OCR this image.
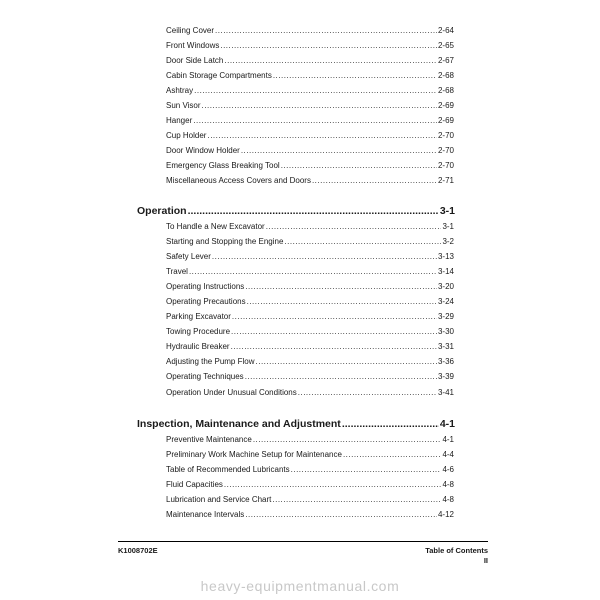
Ceiling Cover .....	2-64
Front Windows .....	2-65
Door Side Latch .....	2-67
Cabin Storage Compartments .....	2-68
Ashtray .....	2-68
Sun Visor .....	2-69
Hanger .....	2-69
Cup Holder .....	2-70
Door Window Holder .....	2-70
Emergency Glass Breaking Tool .....	2-70
Miscellaneous Access Covers and Doors .....	2-71
Operation .....	3-1
To Handle a New Excavator .....	3-1
Starting and Stopping the Engine .....	3-2
Safety Lever .....	3-13
Travel .....	3-14
Operating Instructions .....	3-20
Operating Precautions .....	3-24
Parking Excavator .....	3-29
Towing Procedure .....	3-30
Hydraulic Breaker .....	3-31
Adjusting the Pump Flow .....	3-36
Operating Techniques .....	3-39
Operation Under Unusual Conditions .....	3-41
Inspection, Maintenance and Adjustment .....	4-1
Preventive Maintenance .....	4-1
Preliminary Work Machine Setup for Maintenance .....	4-4
Table of Recommended Lubricants .....	4-6
Fluid Capacities .....	4-8
Lubrication and Service Chart .....	4-8
Maintenance Intervals .....	4-12
K1008702E	Table of Contents
II
heavy-equipmentmanual.com
